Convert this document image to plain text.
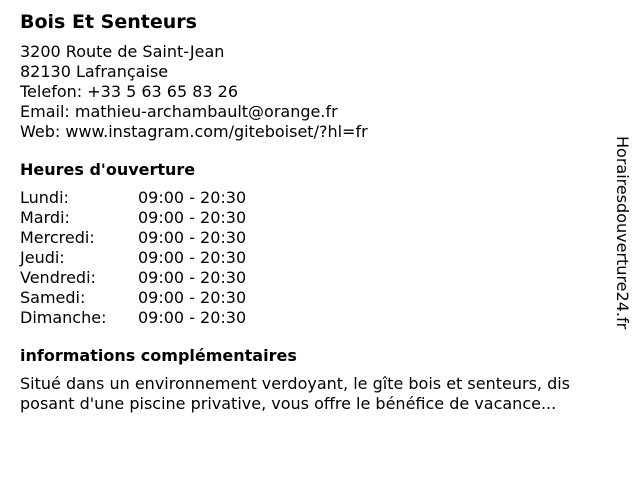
Bois Et Senteurs
3200 Route de Saint-Jean
82130 Lafrançaise
Telefon: +33 5 63 65 83 26
Email: mathieu-archambault@orange.fr
Web: www.instagram.com/giteboiset/?hl=fr
Heures d'ouverture
Lundi:	09:00 - 20:30
Mardi:	09:00 - 20:30
Mercredi:	09:00 - 20:30
Jeudi:	09:00 - 20:30
Vendredi:	09:00 - 20:30
Samedi:	09:00 - 20:30
Dimanche:	09:00 - 20:30
informations complémentaires
Situé dans un environnement verdoyant, le gîte bois et senteurs, dis
posant d'une piscine privative, vous offre le bénéfice de vacance...
Horairesdouverture24.fr
